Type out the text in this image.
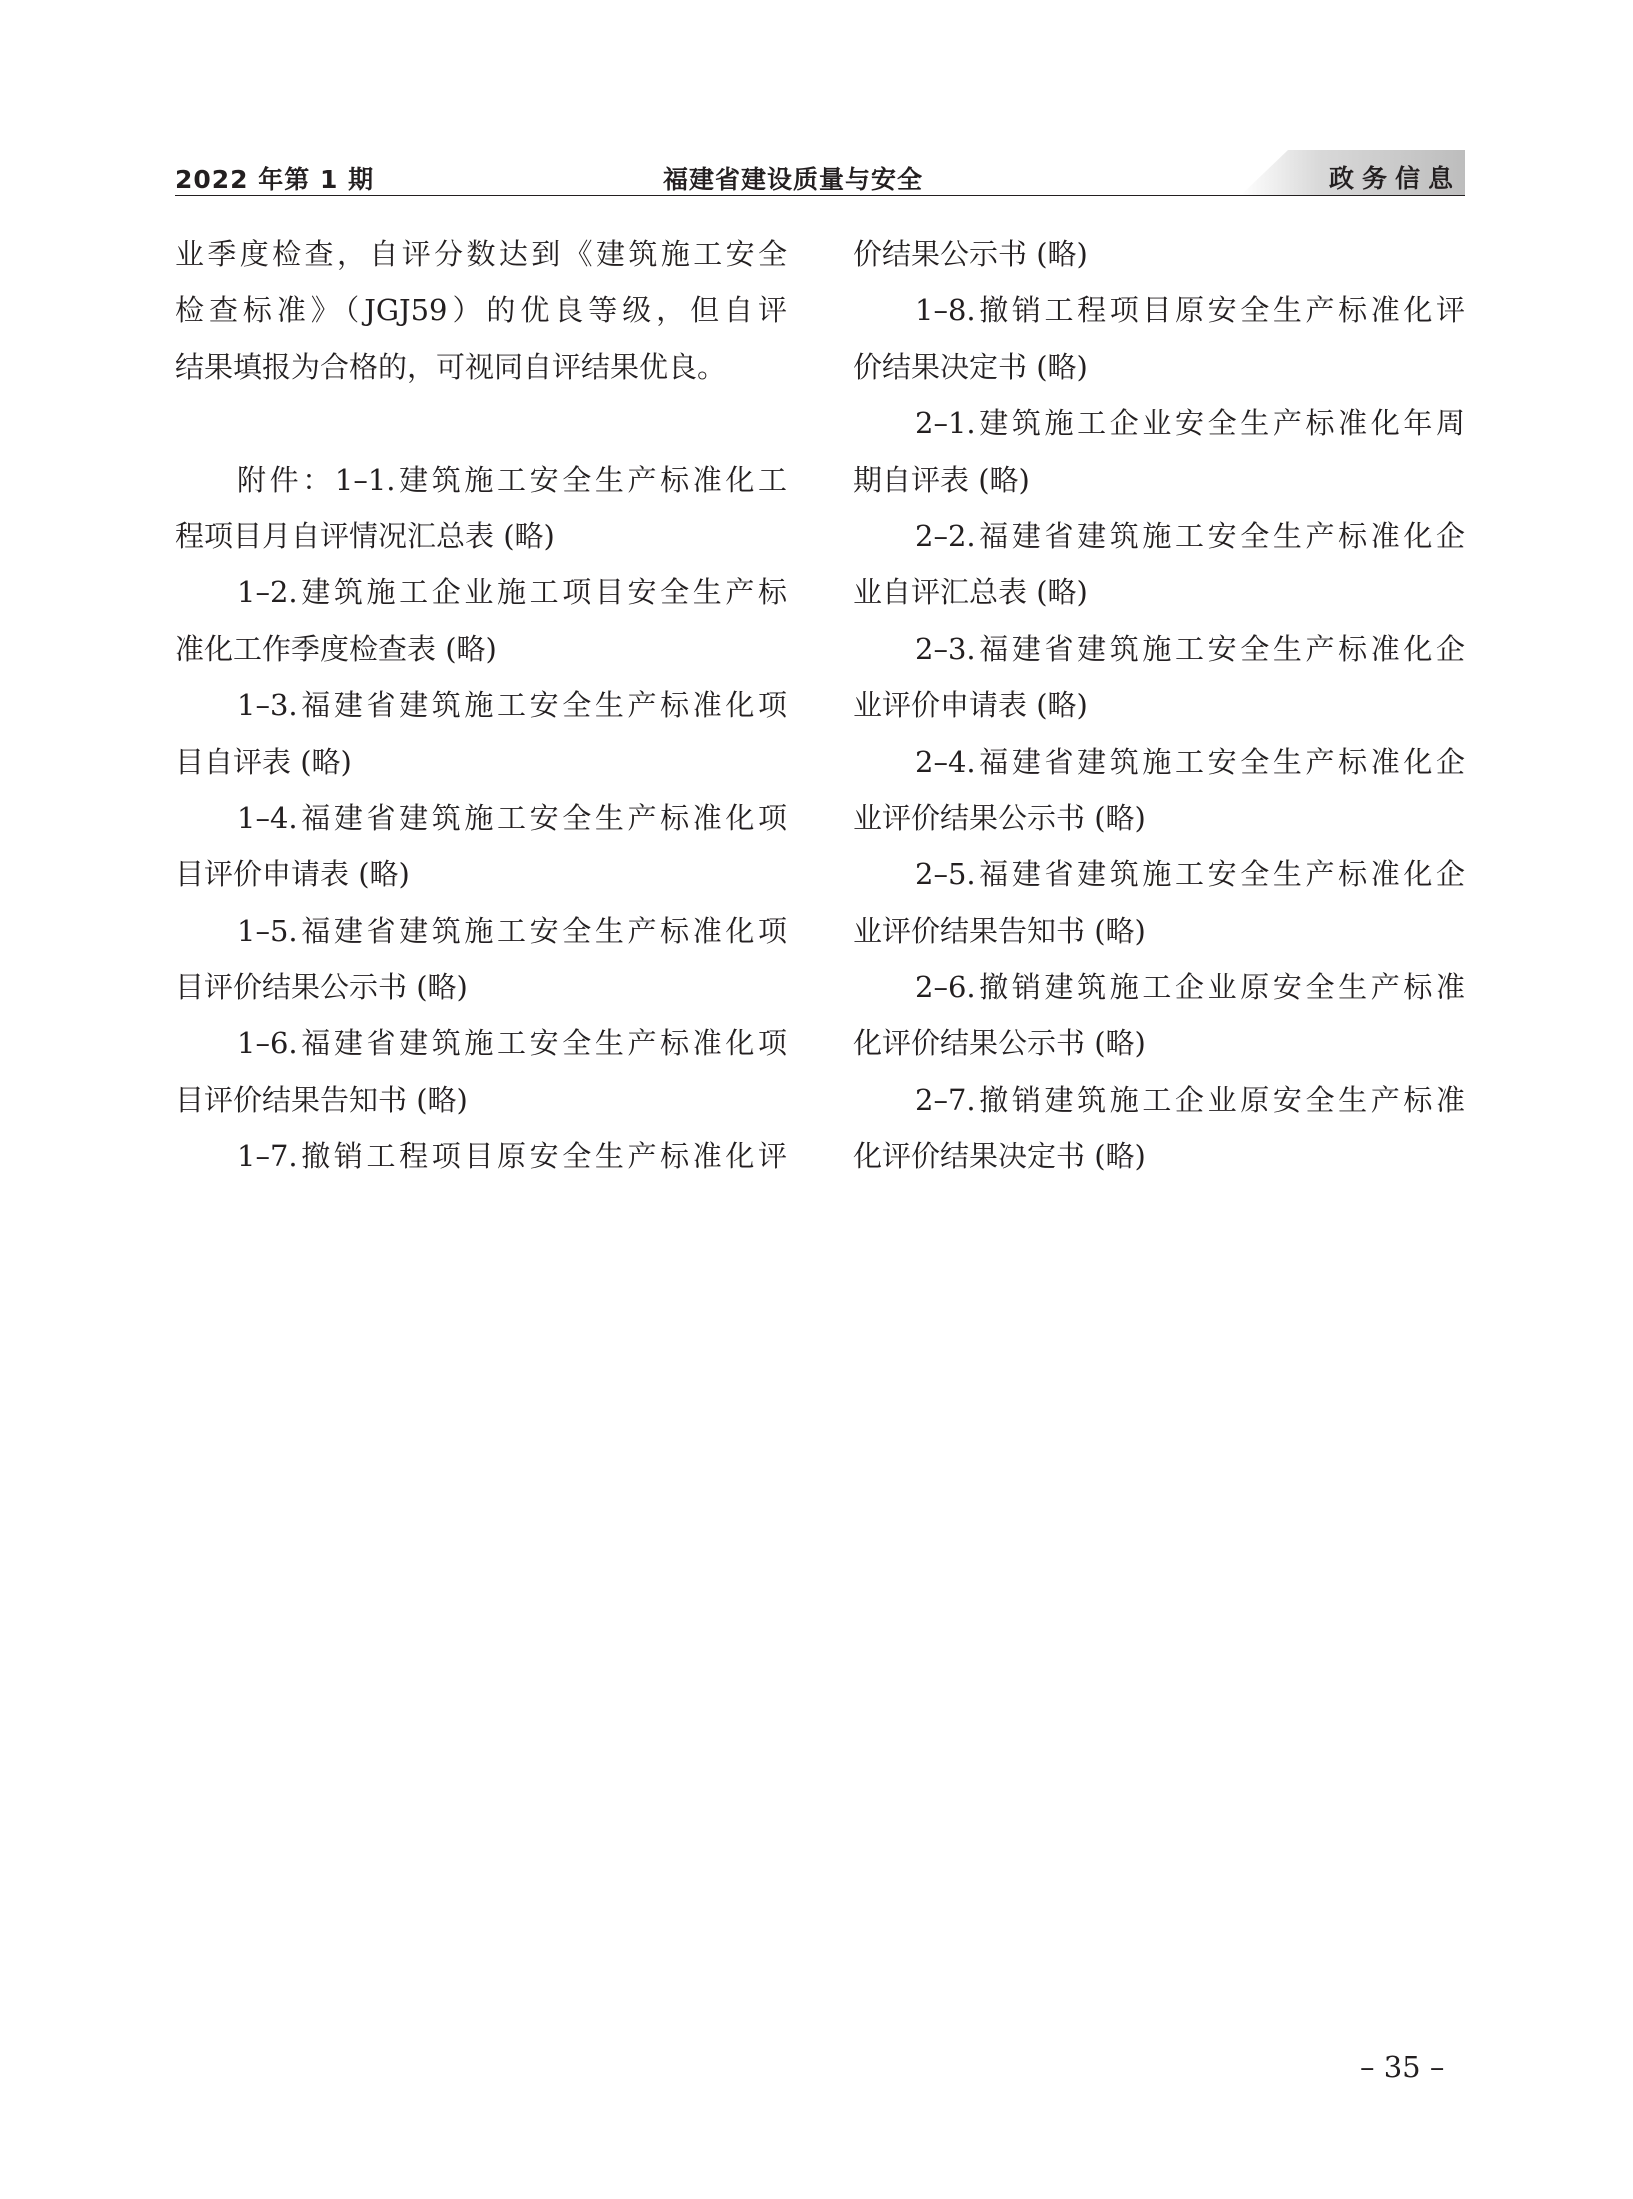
2022 年第 1 期	福建省建设质量与安全	政务信息
业季度检查，自评分数达到《建筑施工安全
检查标准》（JGJ59）的优良等级，但自评
结果填报为合格的，可视同自评结果优良。
附件：1–1.建筑施工安全生产标准化工
程项目月自评情况汇总表 (略)
1–2.建筑施工企业施工项目安全生产标
准化工作季度检查表 (略)
1–3.福建省建筑施工安全生产标准化项
目自评表 (略)
1–4.福建省建筑施工安全生产标准化项
目评价申请表 (略)
1–5.福建省建筑施工安全生产标准化项
目评价结果公示书 (略)
1–6.福建省建筑施工安全生产标准化项
目评价结果告知书 (略)
1–7.撤销工程项目原安全生产标准化评
价结果公示书 (略)
1–8.撤销工程项目原安全生产标准化评
价结果决定书 (略)
2–1.建筑施工企业安全生产标准化年周
期自评表 (略)
2–2.福建省建筑施工安全生产标准化企
业自评汇总表 (略)
2–3.福建省建筑施工安全生产标准化企
业评价申请表 (略)
2–4.福建省建筑施工安全生产标准化企
业评价结果公示书 (略)
2–5.福建省建筑施工安全生产标准化企
业评价结果告知书 (略)
2–6.撤销建筑施工企业原安全生产标准
化评价结果公示书 (略)
2–7.撤销建筑施工企业原安全生产标准
化评价结果决定书 (略)
– 35 –
